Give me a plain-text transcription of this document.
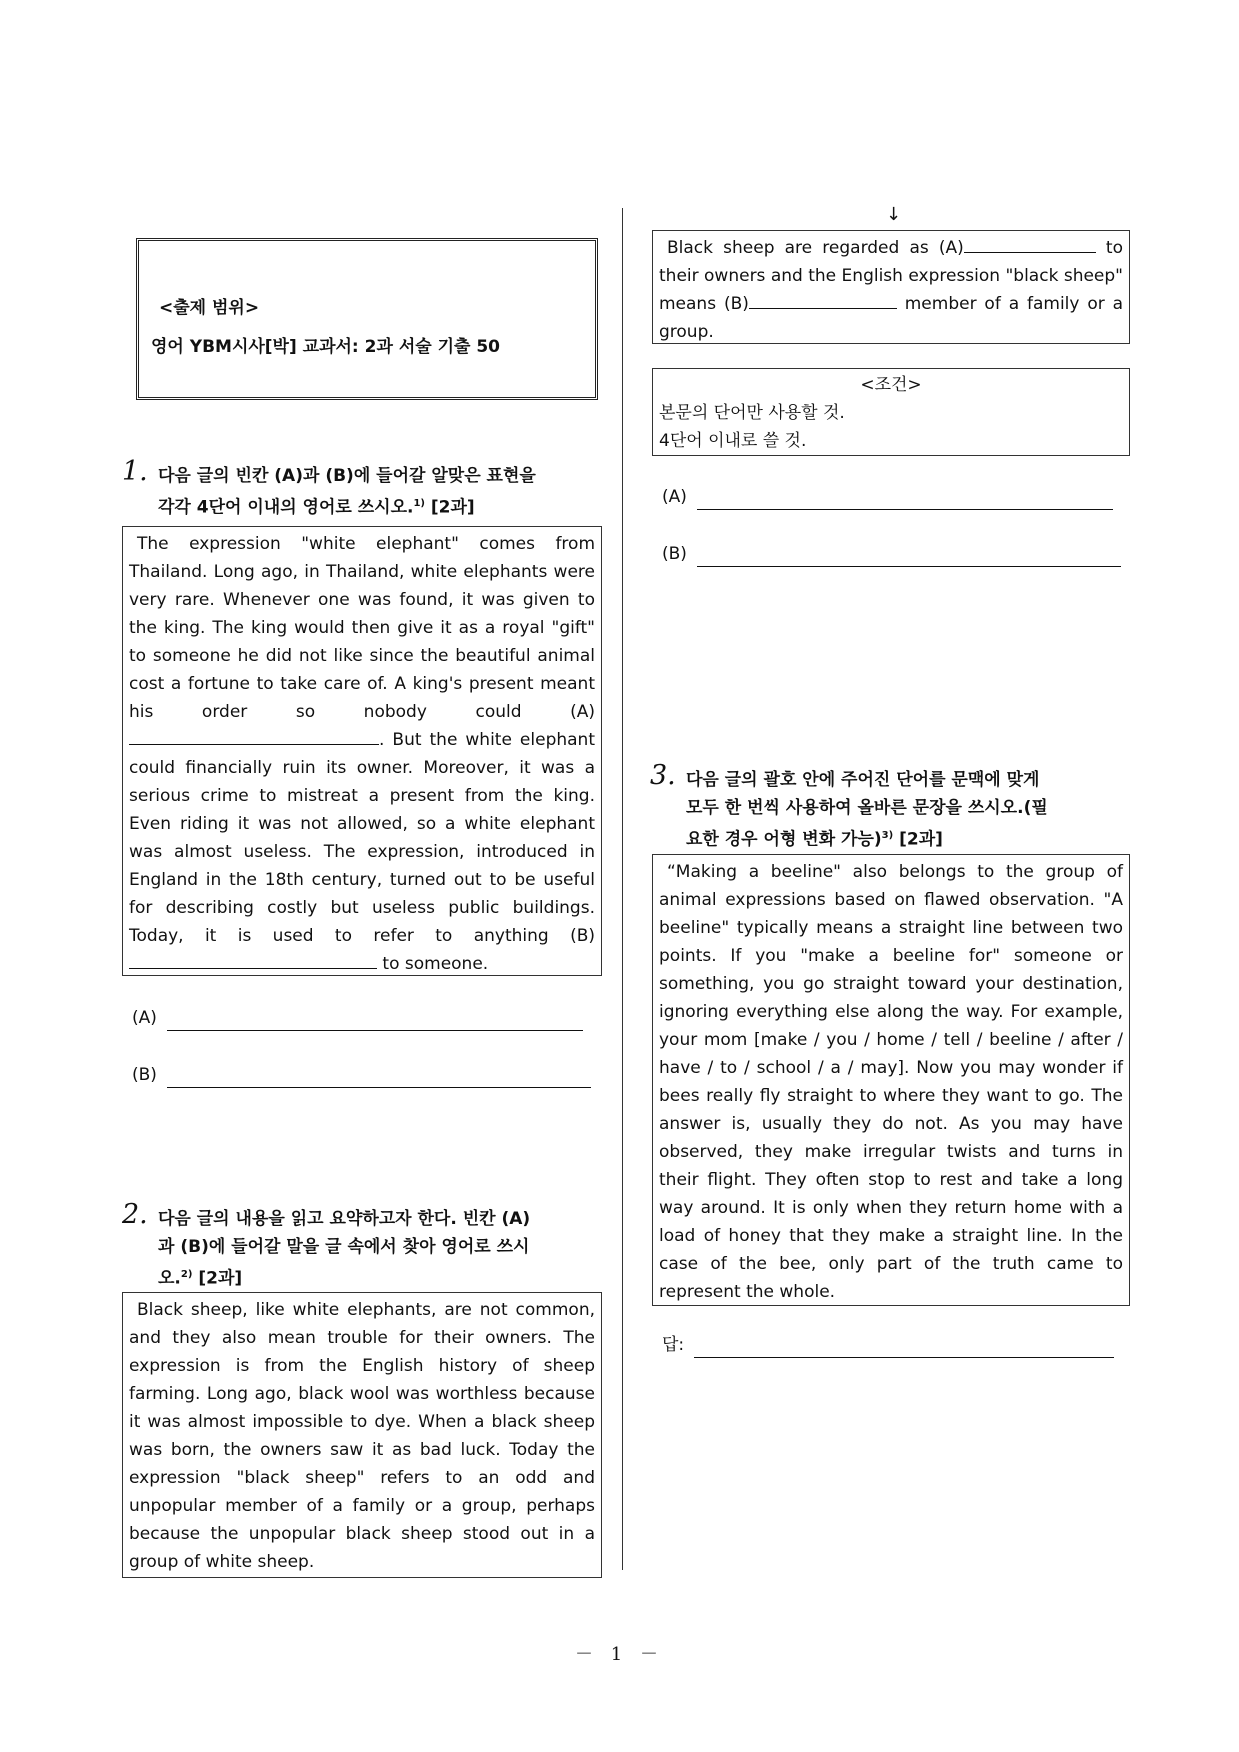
<출제 범위>
영어 YBM시사[박] 교과서: 2과 서술 기출 50
1. 다음 글의 빈칸 (A)과 (B)에 들어갈 알맞은 표현을
각각 4단어 이내의 영어로 쓰시오.$^{1)}$ [2과]

The expression "white elephant" comes from Thailand. Long ago, in Thailand, white elephants were very rare. Whenever one was found, it was given to the king. The king would then give it as a royal "gift" to someone he did not like since the beautiful animal cost a fortune to take care of. A king's present meant his order so nobody could (A). But the white elephant could financially ruin its owner. Moreover, it was a serious crime to mistreat a present from the king. Even riding it was not allowed, so a white elephant was almost useless. The expression, introduced in England in the 18th century, turned out to be useful for describing costly but useless public buildings. Today, it is used to refer to anything (B) to someone.

(A)
(B)
2. 다음 글의 내용을 읽고 요약하고자 한다. 빈칸 (A)
과 (B)에 들어갈 말을 글 속에서 찾아 영어로 쓰시
오.$^{2)}$ [2과]

Black sheep, like white elephants, are not common, and they also mean trouble for their owners. The expression is from the English history of sheep farming. Long ago, black wool was worthless because it was almost impossible to dye. When a black sheep was born, the owners saw it as bad luck. Today the expression "black sheep" refers to an odd and unpopular member of a family or a group, perhaps because the unpopular black sheep stood out in a group of white sheep.

↓

Black sheep are regarded as (A)	to their owners and the English expression "black sheep" means (B)	member of a family or a group.

<조건>
본문의 단어만 사용할 것.
4단어 이내로 쓸 것.
(A)
(B)
3. 다음 글의 괄호 안에 주어진 단어를 문맥에 맞게
모두 한 번씩 사용하여 올바른 문장을 쓰시오.(필
요한 경우 어형 변화 가능)$^{3)}$ [2과]

“Making a beeline" also belongs to the group of animal expressions based on flawed observation. "A beeline" typically means a straight line between two points. If you "make a beeline for" someone or something, you go straight toward your destination, ignoring everything else along the way. For example, your mom [make / you / home / tell / beeline / after / have / to / school / a / may]. Now you may wonder if bees really fly straight to where they want to go. The answer is, usually they do not. As you may have observed, they make irregular twists and turns in their flight. They often stop to rest and take a long way around. It is only when they return home with a load of honey that they make a straight line. In the case of the bee, only part of the truth came to represent the whole.

답:
－ 1 －
